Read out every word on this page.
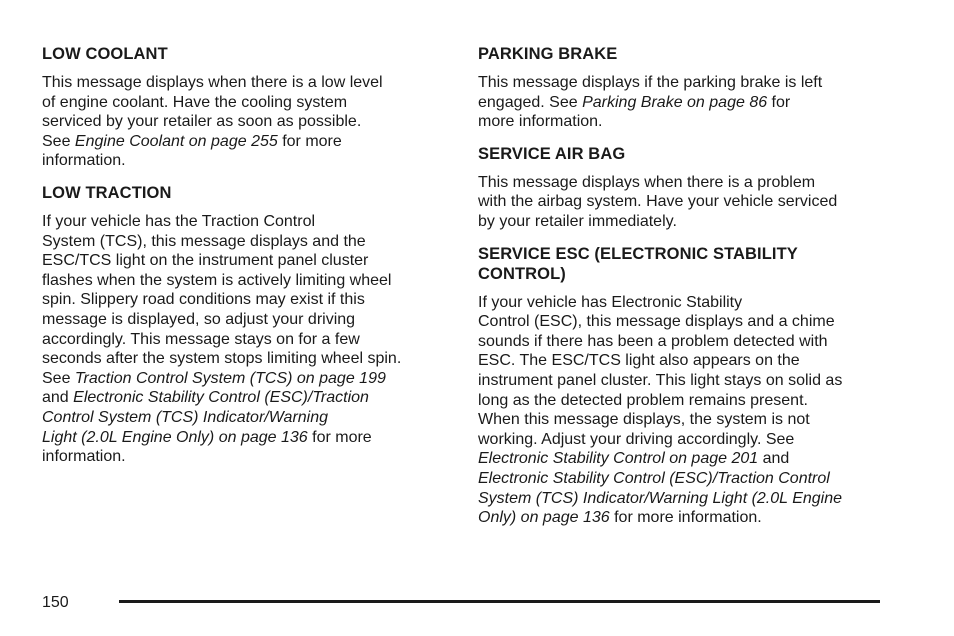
LOW COOLANT
This message displays when there is a low level
of engine coolant. Have the cooling system
serviced by your retailer as soon as possible.
See Engine Coolant on page 255 for more
information.
LOW TRACTION
If your vehicle has the Traction Control
System (TCS), this message displays and the
ESC/TCS light on the instrument panel cluster
flashes when the system is actively limiting wheel
spin. Slippery road conditions may exist if this
message is displayed, so adjust your driving
accordingly. This message stays on for a few
seconds after the system stops limiting wheel spin.
See Traction Control System (TCS) on page 199
and Electronic Stability Control (ESC)/Traction
Control System (TCS) Indicator/Warning
Light (2.0L Engine Only) on page 136 for more
information.
PARKING BRAKE
This message displays if the parking brake is left
engaged. See Parking Brake on page 86 for
more information.
SERVICE AIR BAG
This message displays when there is a problem
with the airbag system. Have your vehicle serviced
by your retailer immediately.
SERVICE ESC (ELECTRONIC STABILITY
CONTROL)
If your vehicle has Electronic Stability
Control (ESC), this message displays and a chime
sounds if there has been a problem detected with
ESC. The ESC/TCS light also appears on the
instrument panel cluster. This light stays on solid as
long as the detected problem remains present.
When this message displays, the system is not
working. Adjust your driving accordingly. See
Electronic Stability Control on page 201 and
Electronic Stability Control (ESC)/Traction Control
System (TCS) Indicator/Warning Light (2.0L Engine
Only) on page 136 for more information.
150
